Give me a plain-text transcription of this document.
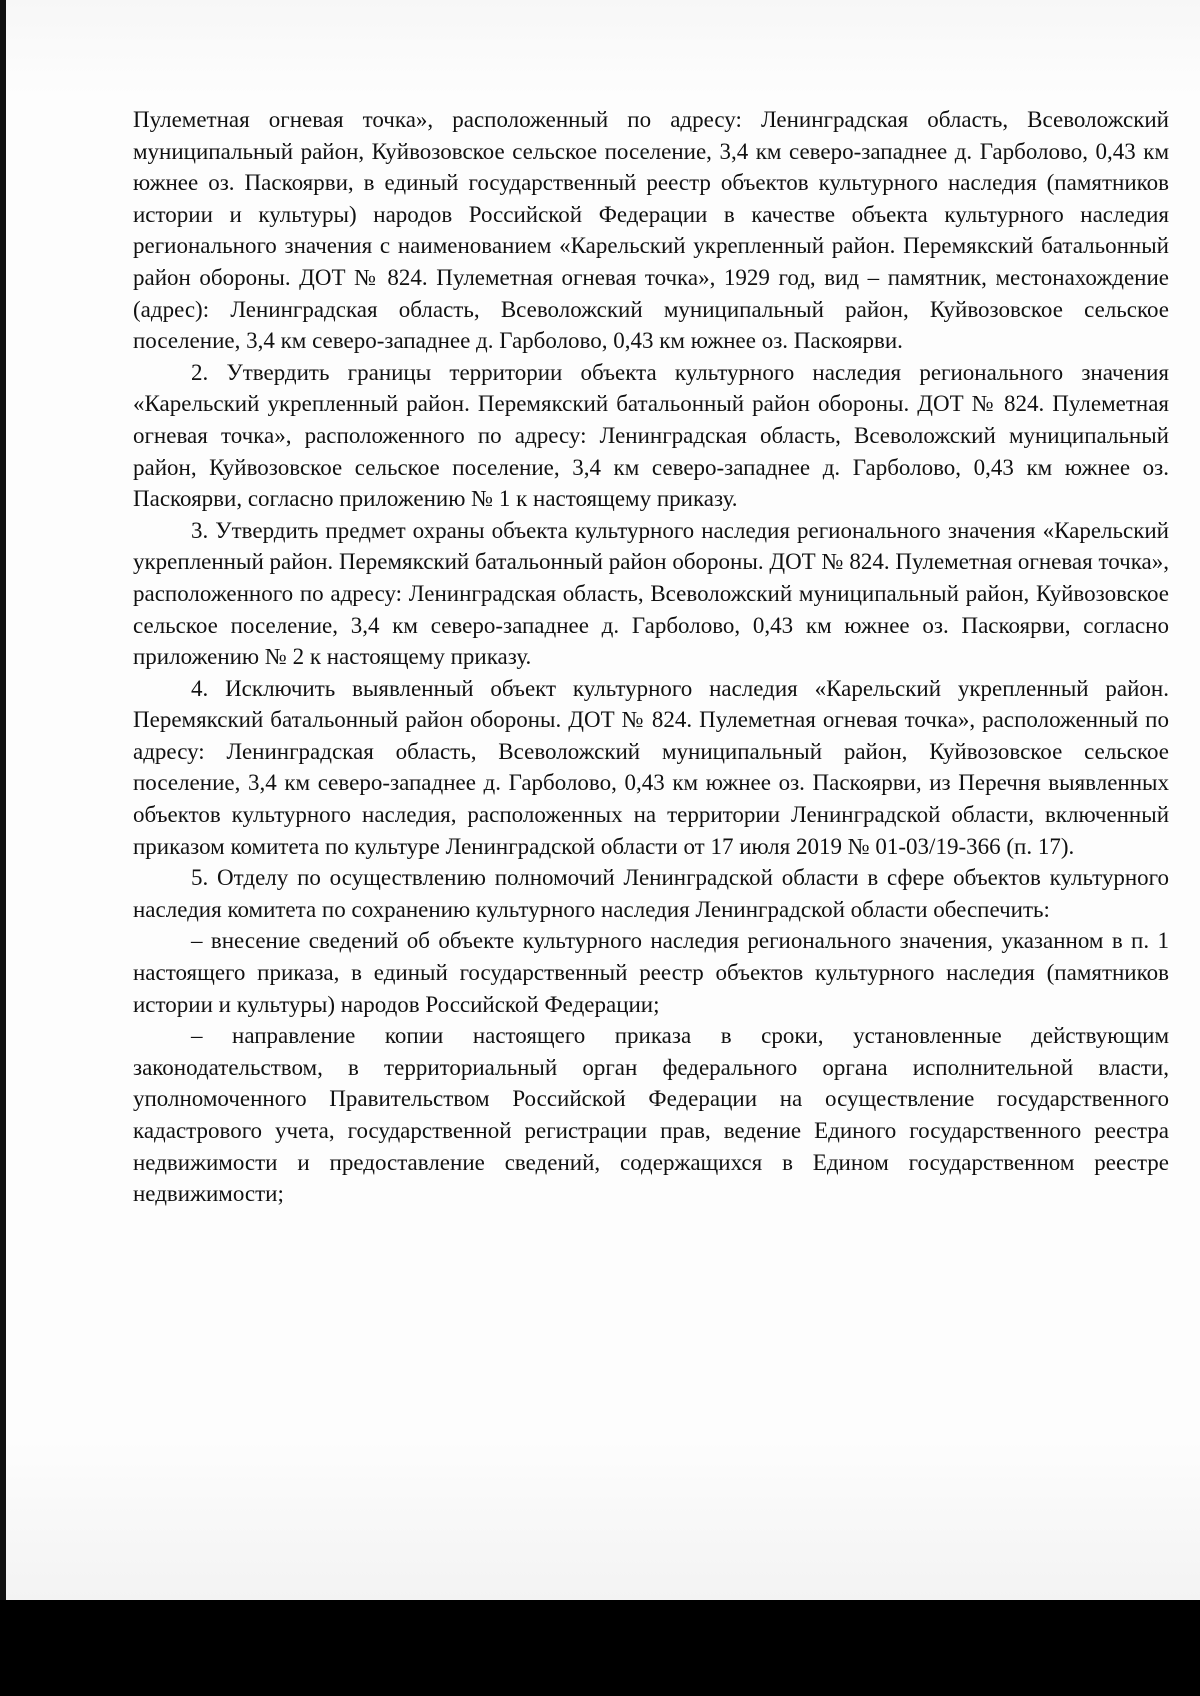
Пулеметная огневая точка», расположенный по адресу: Ленинградская область, Всеволожский муниципальный район, Куйвозовское сельское поселение, 3,4 км северо-западнее д. Гарболово, 0,43 км южнее оз. Паскоярви, в единый государственный реестр объектов культурного наследия (памятников истории и культуры) народов Российской Федерации в качестве объекта культурного наследия регионального значения с наименованием «Карельский укрепленный район. Перемякский батальонный район обороны. ДОТ № 824. Пулеметная огневая точка», 1929 год, вид – памятник, местонахождение (адрес): Ленинградская область, Всеволожский муниципальный район, Куйвозовское сельское поселение, 3,4 км северо-западнее д. Гарболово, 0,43 км южнее оз. Паскоярви.

2. Утвердить границы территории объекта культурного наследия регионального значения «Карельский укрепленный район. Перемякский батальонный район обороны. ДОТ № 824. Пулеметная огневая точка», расположенного по адресу: Ленинградская область, Всеволожский муниципальный район, Куйвозовское сельское поселение, 3,4 км северо-западнее д. Гарболово, 0,43 км южнее оз. Паскоярви, согласно приложению № 1 к настоящему приказу.

3. Утвердить предмет охраны объекта культурного наследия регионального значения «Карельский укрепленный район. Перемякский батальонный район обороны. ДОТ № 824. Пулеметная огневая точка», расположенного по адресу: Ленинградская область, Всеволожский муниципальный район, Куйвозовское сельское поселение, 3,4 км северо-западнее д. Гарболово, 0,43 км южнее оз. Паскоярви, согласно приложению № 2 к настоящему приказу.

4. Исключить выявленный объект культурного наследия «Карельский укрепленный район. Перемякский батальонный район обороны. ДОТ № 824. Пулеметная огневая точка», расположенный по адресу: Ленинградская область, Всеволожский муниципальный район, Куйвозовское сельское поселение, 3,4 км северо-западнее д. Гарболово, 0,43 км южнее оз. Паскоярви, из Перечня выявленных объектов культурного наследия, расположенных на территории Ленинградской области, включенный приказом комитета по культуре Ленинградской области от 17 июля 2019 № 01-03/19-366 (п. 17).

5. Отделу по осуществлению полномочий Ленинградской области в сфере объектов культурного наследия комитета по сохранению культурного наследия Ленинградской области обеспечить:

– внесение сведений об объекте культурного наследия регионального значения, указанном в п. 1 настоящего приказа, в единый государственный реестр объектов культурного наследия (памятников истории и культуры) народов Российской Федерации;

– направление копии настоящего приказа в сроки, установленные действующим законодательством, в территориальный орган федерального органа исполнительной власти, уполномоченного Правительством Российской Федерации на осуществление государственного кадастрового учета, государственной регистрации прав, ведение Единого государственного реестра недвижимости и предоставление сведений, содержащихся в Едином государственном реестре недвижимости;
